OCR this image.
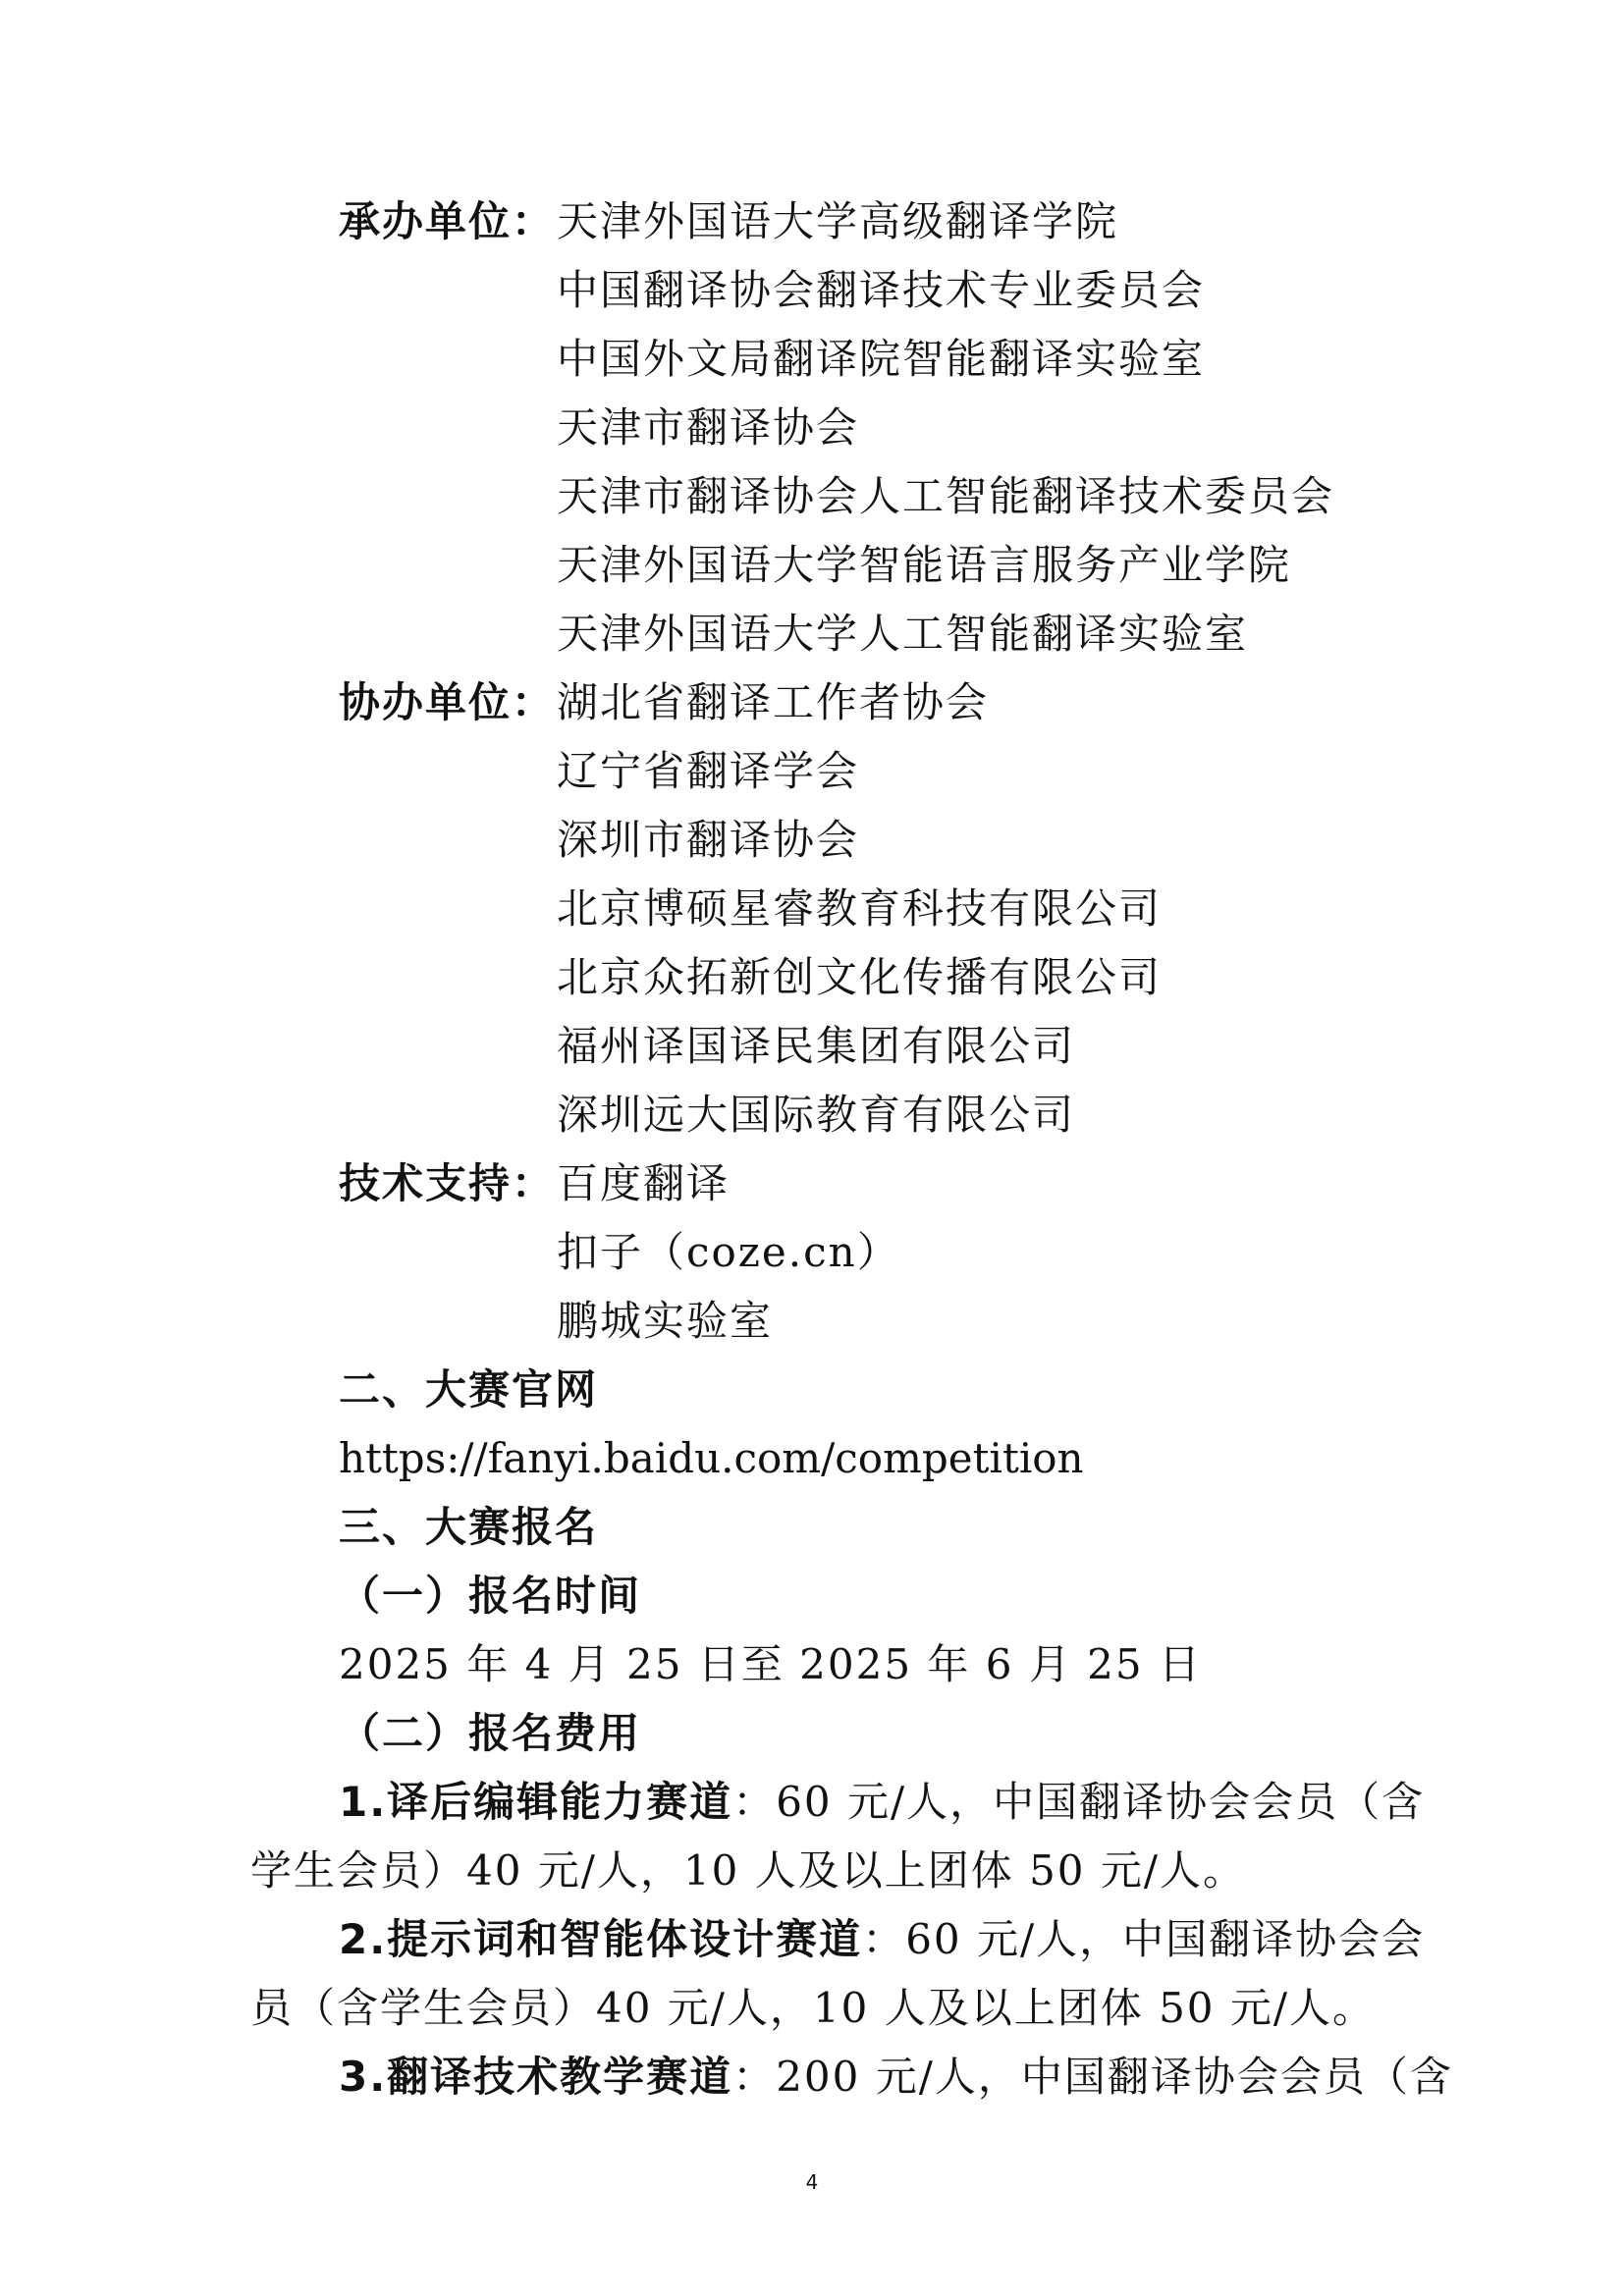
承办单位： 天津外国语大学高级翻译学院
中国翻译协会翻译技术专业委员会
中国外文局翻译院智能翻译实验室
天津市翻译协会
天津市翻译协会人工智能翻译技术委员会
天津外国语大学智能语言服务产业学院
天津外国语大学人工智能翻译实验室
协办单位： 湖北省翻译工作者协会
辽宁省翻译学会
深圳市翻译协会
北京博硕星睿教育科技有限公司
北京众拓新创文化传播有限公司
福州译国译民集团有限公司
深圳远大国际教育有限公司
技术支持： 百度翻译
扣子（coze.cn）
鹏城实验室
二、大赛官网
https://fanyi.baidu.com/competition
三、大赛报名
（一）报名时间
2025 年 4 月 25 日至 2025 年 6 月 25 日
（二）报名费用
1.译后编辑能力赛道：60 元/人，中国翻译协会会员（含
学生会员）40 元/人，10 人及以上团体 50 元/人。
2.提示词和智能体设计赛道：60 元/人，中国翻译协会会
员（含学生会员）40 元/人，10 人及以上团体 50 元/人。
3.翻译技术教学赛道：200 元/人，中国翻译协会会员（含
4
